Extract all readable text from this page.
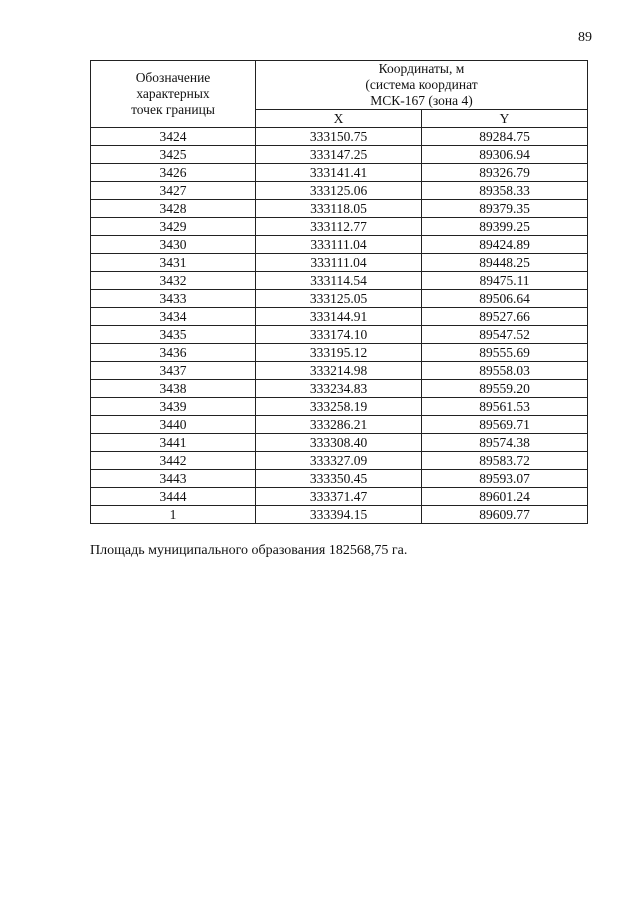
89
Обозначение
характерных
точек границы	Координаты, м
(система координат
МСК-167 (зона 4)	
	X	Y
3424	333150.75	89284.75
3425	333147.25	89306.94
3426	333141.41	89326.79
3427	333125.06	89358.33
3428	333118.05	89379.35
3429	333112.77	89399.25
3430	333111.04	89424.89
3431	333111.04	89448.25
3432	333114.54	89475.11
3433	333125.05	89506.64
3434	333144.91	89527.66
3435	333174.10	89547.52
3436	333195.12	89555.69
3437	333214.98	89558.03
3438	333234.83	89559.20
3439	333258.19	89561.53
3440	333286.21	89569.71
3441	333308.40	89574.38
3442	333327.09	89583.72
3443	333350.45	89593.07
3444	333371.47	89601.24
1	333394.15	89609.77
Площадь муниципального образования 182568,75 га.
